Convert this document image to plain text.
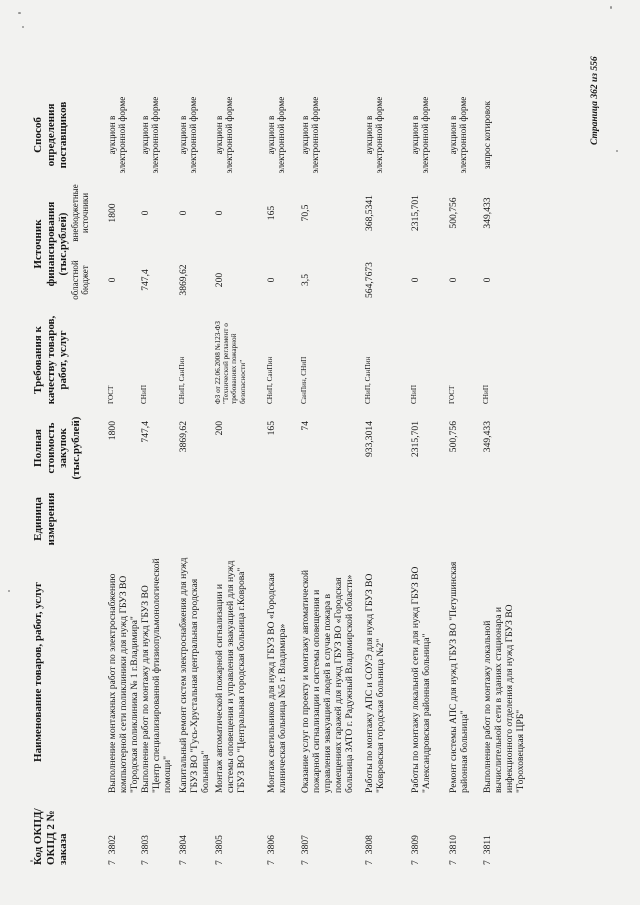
Код ОКПД/ ОКПД 2 № заказа	Наименование товаров, работ, услуг	Единица измерения	Полная стоимость закупок (тыс.рублей)	Требования к качеству товаров, работ, услуг	Источник финансирования (тыс.рублей)		Способ определения поставщиков
					областной бюджет	внебюджетные источники	
73802	Выполнение монтажных работ по электроснабжению компьютерной сети поликлиники для нужд ГБУЗ ВО "Городская поликлиника № 1 г.Владимира"		1800	ГОСТ	0	1800	аукцион в электронной форме
73803	Выполнение работ по монтажу для нужд ГБУЗ ВО "Центр специализированной фтизиопульмонологической помощи"		747,4	СНиП	747,4	0	аукцион в электронной форме
73804	Капитальный ремонт систем электроснабжения для нужд ГБУЗ ВО "Гусь-Хрустальная центральная городская больница"		3869,62	СНиП, СанПин	3869,62	0	аукцион в электронной форме
73805	Монтаж автоматической пожарной сигнализации и системы оповещения и управления эвакуацией для нужд ГБУЗ ВО "Центральная городская больница г.Коврова"		200	ФЗ от 22.06.2008 №123-ФЗ "Технический регламент о требованиях пожарной безопасности"	200	0	аукцион в электронной форме
73806	Монтаж светильников для нужд ГБУЗ ВО «Городская клиническая больница №5 г. Владимира»		165	СНиП, СанПин	0	165	аукцион в электронной форме
73807	Оказание услуг по проекту и монтажу автоматической пожарной сигнализации и системы оповещения и управления эвакуацией людей в случае пожара в помещениях гаражей для нужд ГБУЗ ВО «Городская больница ЗАТО г. Радужный Владимирской области»		74	СанПин, СНиП	3,5	70,5	аукцион в электронной форме
73808	Работы по монтажу АПС и СОУЭ для нужд ГБУЗ ВО "Ковровская городская больница №2"		933,3014	СНиП, СанПин	564,7673	368,5341	аукцион в электронной форме
73809	Работы по монтажу локальной сети для нужд ГБУЗ ВО "Александровская районная больница"		2315,701	СНиП	0	2315,701	аукцион в электронной форме
73810	Ремонт системы АПС для нужд ГБУЗ ВО "Петушинская районная больница"		500,756	ГОСТ	0	500,756	аукцион в электронной форме
73811	Выполнение работ по монтажу локальной вычислительной сети в зданиях стационара и инфекционного отделения для нужд ГБУЗ ВО "Гороховецкая ЦРБ"		349,433	СНиП	0	349,433	запрос котировок	Страница 362 из 556
